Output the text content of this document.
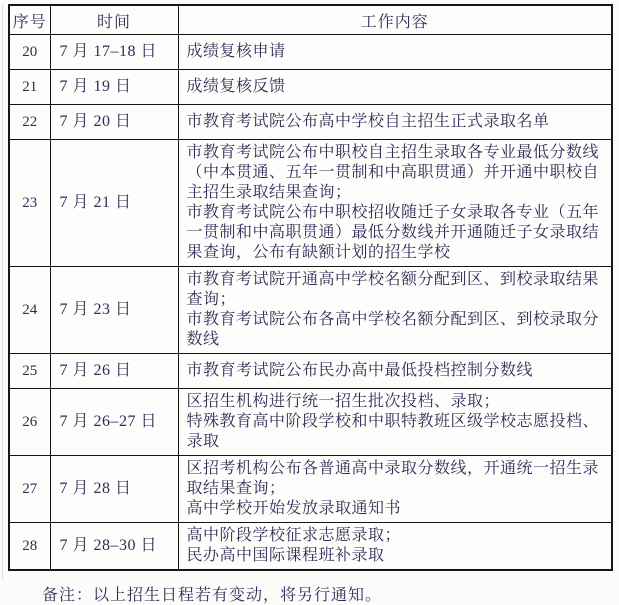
序号	时间	工作内容
20	7 月 17–18 日	成绩复核申请

21	7 月 19 日	成绩复核反馈

22	7 月 20 日	市教育考试院公布高中学校自主招生正式录取名单

23	7 月 21 日	市教育考试院公布中职校自主招生录取各专业最低分数线（中本贯通、五年一贯制和中高职贯通）并开通中职校自主招生录取结果查询；
市教育考试院公布中职校招收随迁子女录取各专业（五年一贯制和中高职贯通）最低分数线并开通随迁子女录取结果查询，公布有缺额计划的招生学校

24	7 月 23 日	市教育考试院开通高中学校名额分配到区、到校录取结果查询；
市教育考试院公布各高中学校名额分配到区、到校录取分数线

25	7 月 26 日	市教育考试院公布民办高中最低投档控制分数线

26	7 月 26–27 日	区招生机构进行统一招生批次投档、录取；
特殊教育高中阶段学校和中职特教班区级学校志愿投档、录取

27	7 月 28 日	区招考机构公布各普通高中录取分数线，开通统一招生录取结果查询；
高中学校开始发放录取通知书

28	7 月 28–30 日	高中阶段学校征求志愿录取；
民办高中国际课程班补录取
备注：以上招生日程若有变动，将另行通知。
